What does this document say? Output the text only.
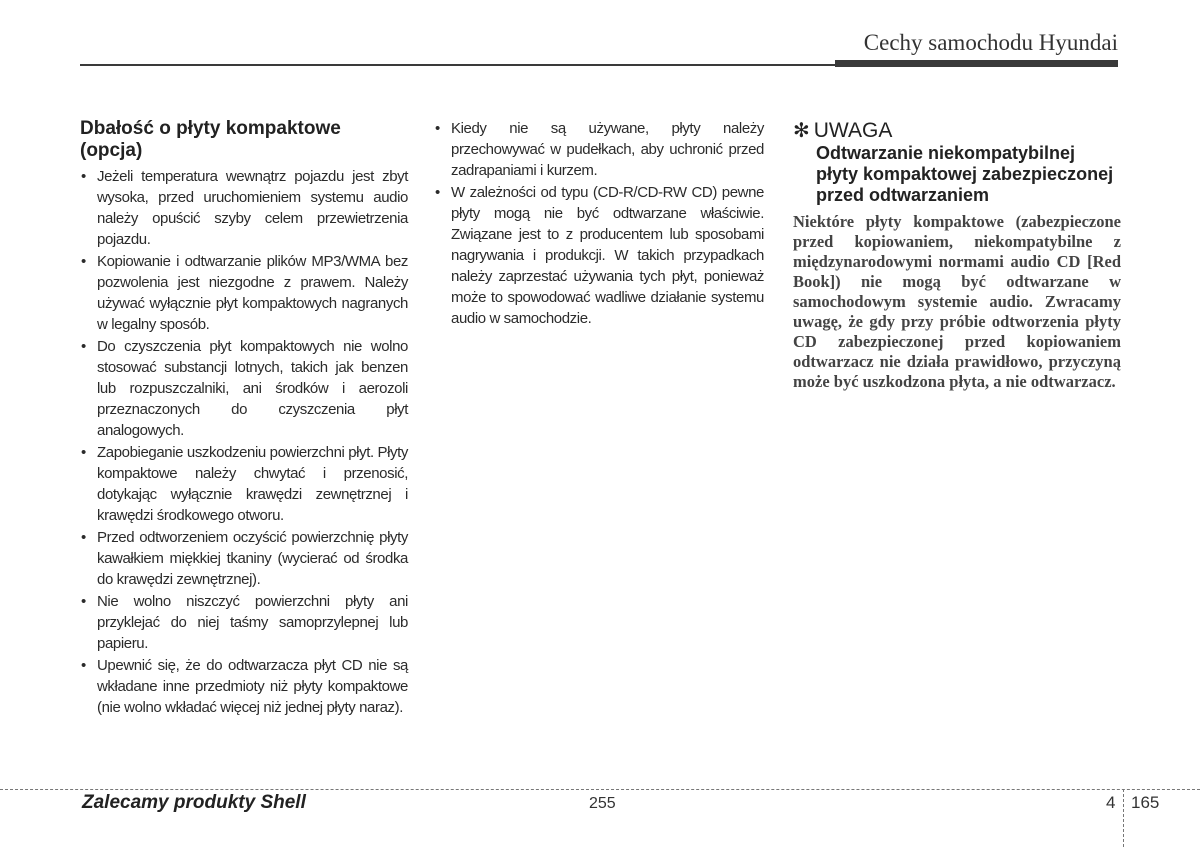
Cechy samochodu Hyundai
Dbałość o płyty kompaktowe
(opcja)
• Jeżeli temperatura wewnątrz pojazdu jest zbyt wysoka, przed uruchomieniem systemu audio należy opuścić szyby celem przewietrzenia pojazdu.
• Kopiowanie i odtwarzanie plików MP3/WMA bez pozwolenia jest niezgodne z prawem. Należy używać wyłącznie płyt kompaktowych nagranych w legalny sposób.
• Do czyszczenia płyt kompaktowych nie wolno stosować substancji lotnych, takich jak benzen lub rozpuszczalniki, ani środków i aerozoli przeznaczonych do czyszczenia płyt analogowych.
• Zapobieganie uszkodzeniu powierzchni płyt. Płyty kompaktowe należy chwytać i przenosić, dotykając wyłącznie krawędzi zewnętrznej i krawędzi środkowego otworu.
• Przed odtworzeniem oczyścić powierzchnię płyty kawałkiem miękkiej tkaniny (wycierać od środka do krawędzi zewnętrznej).
• Nie wolno niszczyć powierzchni płyty ani przyklejać do niej taśmy samoprzylepnej lub papieru.
• Upewnić się, że do odtwarzacza płyt CD nie są wkładane inne przedmioty niż płyty kompaktowe (nie wolno wkładać więcej niż jednej płyty naraz).
• Kiedy nie są używane, płyty należy przechowywać w pudełkach, aby uchronić przed zadrapaniami i kurzem.
• W zależności od typu (CD-R/CD-RW CD) pewne płyty mogą nie być odtwarzane właściwie. Związane jest to z producentem lub sposobami nagrywania i produkcji. W takich przypadkach należy zaprzestać używania tych płyt, ponieważ może to spowodować wadliwe działanie systemu audio w samochodzie.
✻ UWAGA
Odtwarzanie niekompatybilnej płyty kompaktowej zabezpieczonej przed odtwarzaniem
Niektóre płyty kompaktowe (zabezpieczone przed kopiowaniem, niekompatybilne z międzynarodowymi normami audio CD [Red Book]) nie mogą być odtwarzane w samochodowym systemie audio. Zwracamy uwagę, że gdy przy próbie odtworzenia płyty CD zabezpieczonej przed kopiowaniem odtwarzacz nie działa prawidłowo, przyczyną może być uszkodzona płyta, a nie odtwarzacz.
Zalecamy produkty Shell	255	4 165
